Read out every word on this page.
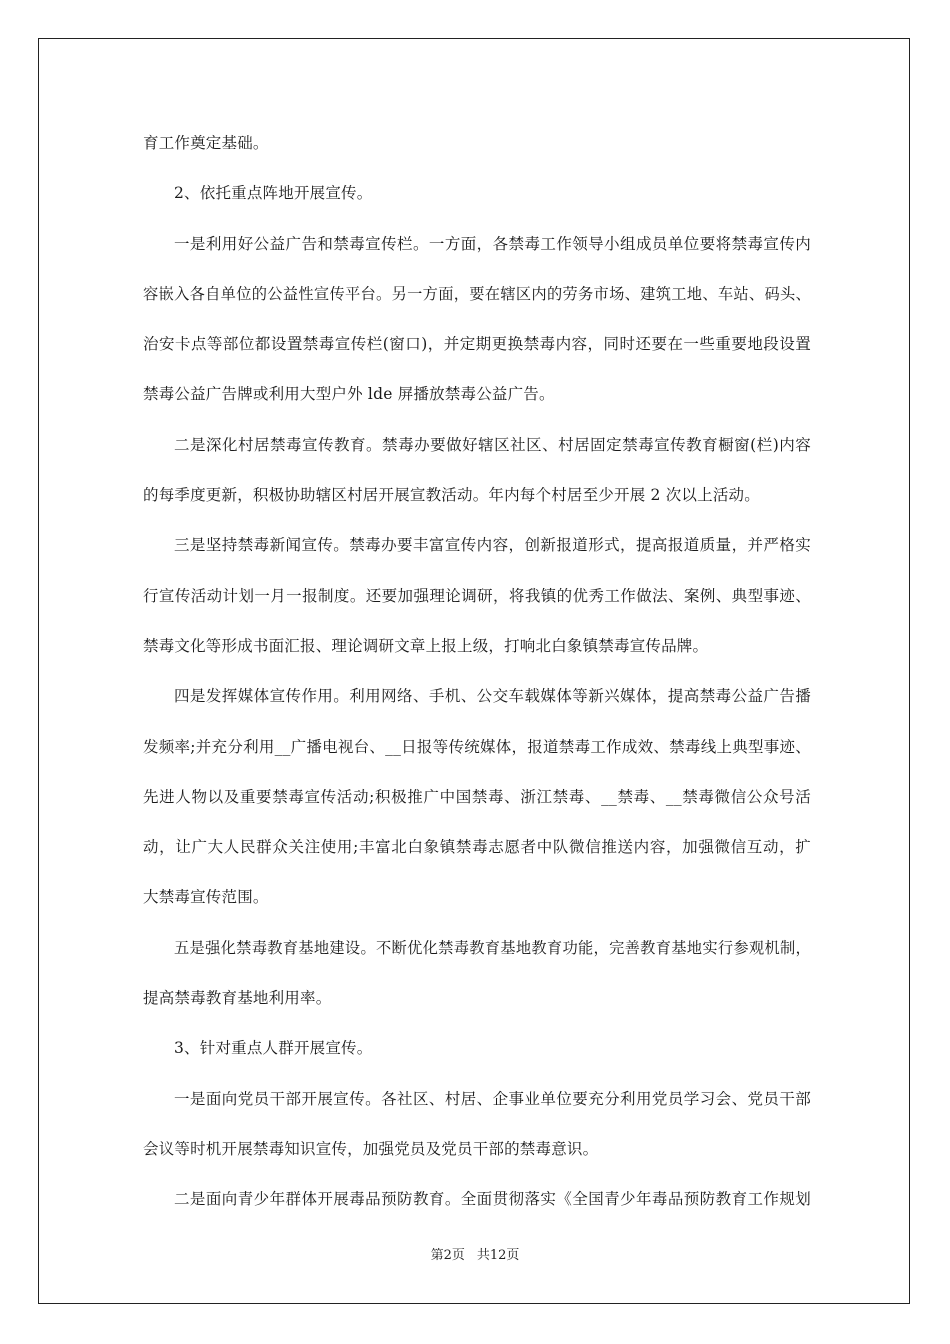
育工作奠定基础。
2、依托重点阵地开展宣传。
一是利用好公益广告和禁毒宣传栏。一方面，各禁毒工作领导小组成员单位要将禁毒宣传内
容嵌入各自单位的公益性宣传平台。另一方面，要在辖区内的劳务市场、建筑工地、车站、码头、
治安卡点等部位都设置禁毒宣传栏(窗口)，并定期更换禁毒内容，同时还要在一些重要地段设置
禁毒公益广告牌或利用大型户外 lde 屏播放禁毒公益广告。
二是深化村居禁毒宣传教育。禁毒办要做好辖区社区、村居固定禁毒宣传教育橱窗(栏)内容
的每季度更新，积极协助辖区村居开展宣教活动。年内每个村居至少开展 2 次以上活动。
三是坚持禁毒新闻宣传。禁毒办要丰富宣传内容，创新报道形式，提高报道质量，并严格实
行宣传活动计划一月一报制度。还要加强理论调研，将我镇的优秀工作做法、案例、典型事迹、
禁毒文化等形成书面汇报、理论调研文章上报上级，打响北白象镇禁毒宣传品牌。
四是发挥媒体宣传作用。利用网络、手机、公交车载媒体等新兴媒体，提高禁毒公益广告播
发频率;并充分利用__广播电视台、__日报等传统媒体，报道禁毒工作成效、禁毒线上典型事迹、
先进人物以及重要禁毒宣传活动;积极推广中国禁毒、浙江禁毒、__禁毒、__禁毒微信公众号活
动，让广大人民群众关注使用;丰富北白象镇禁毒志愿者中队微信推送内容，加强微信互动，扩
大禁毒宣传范围。
五是强化禁毒教育基地建设。不断优化禁毒教育基地教育功能，完善教育基地实行参观机制，
提高禁毒教育基地利用率。
3、针对重点人群开展宣传。
一是面向党员干部开展宣传。各社区、村居、企事业单位要充分利用党员学习会、党员干部
会议等时机开展禁毒知识宣传，加强党员及党员干部的禁毒意识。
二是面向青少年群体开展毒品预防教育。全面贯彻落实《全国青少年毒品预防教育工作规划
第2页 共12页
